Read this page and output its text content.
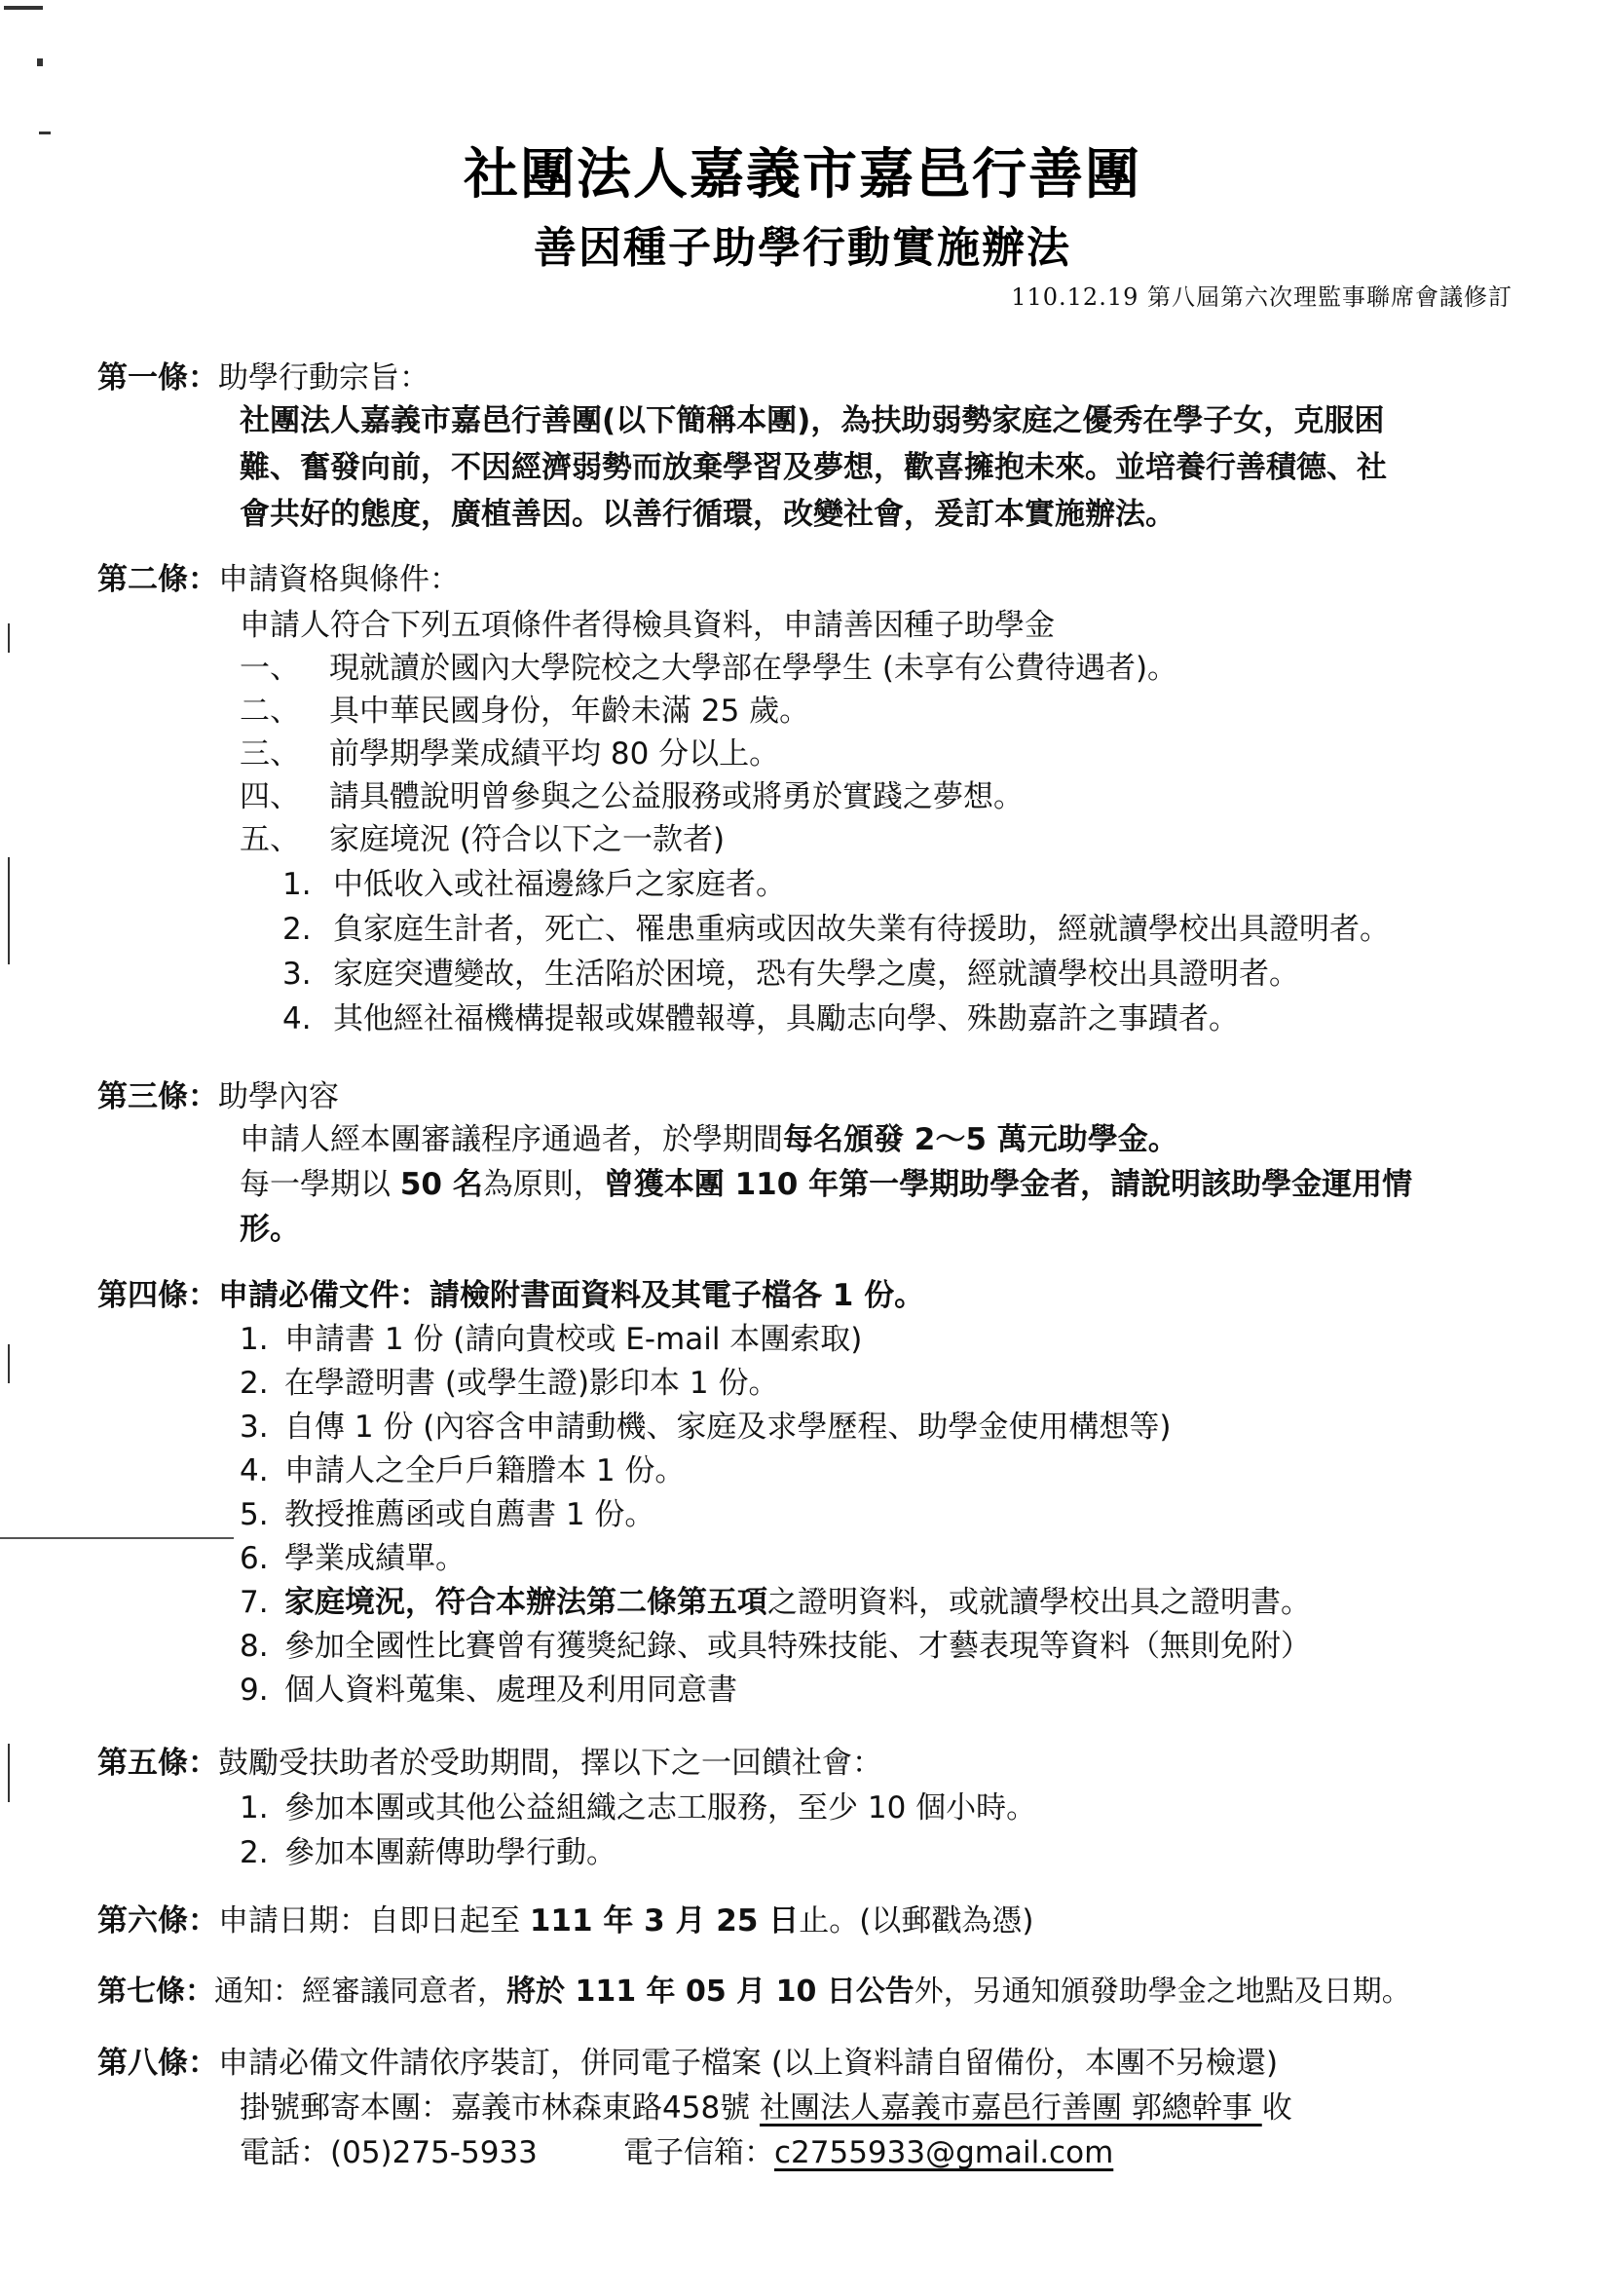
社團法人嘉義市嘉邑行善團
善因種子助學行動實施辦法
110.12.19 第八屆第六次理監事聯席會議修訂
第一條：助學行動宗旨：
社團法人嘉義市嘉邑行善團(以下簡稱本團)，為扶助弱勢家庭之優秀在學子女，克服困
難、奮發向前，不因經濟弱勢而放棄學習及夢想，歡喜擁抱未來。並培養行善積德、社
會共好的態度，廣植善因。以善行循環，改變社會，爰訂本實施辦法。
第二條：申請資格與條件：
申請人符合下列五項條件者得檢具資料，申請善因種子助學金
一、 現就讀於國內大學院校之大學部在學學生 (未享有公費待遇者)。
二、 具中華民國身份，年齡未滿 25 歲。
三、 前學期學業成績平均 80 分以上。
四、 請具體說明曾參與之公益服務或將勇於實踐之夢想。
五、 家庭境況 (符合以下之一款者)
1. 中低收入或社福邊緣戶之家庭者。
2. 負家庭生計者，死亡、罹患重病或因故失業有待援助，經就讀學校出具證明者。
3. 家庭突遭變故，生活陷於困境，恐有失學之虞，經就讀學校出具證明者。
4. 其他經社福機構提報或媒體報導，具勵志向學、殊勘嘉許之事蹟者。
第三條：助學內容
申請人經本團審議程序通過者，於學期間每名頒發 2～5 萬元助學金。
每一學期以 50 名為原則，曾獲本團 110 年第一學期助學金者，請說明該助學金運用情
形。
第四條：申請必備文件：請檢附書面資料及其電子檔各 1 份。
1. 申請書 1 份 (請向貴校或 E-mail 本團索取)
2. 在學證明書 (或學生證)影印本 1 份。
3. 自傳 1 份 (內容含申請動機、家庭及求學歷程、助學金使用構想等)
4. 申請人之全戶戶籍謄本 1 份。
5. 教授推薦函或自薦書 1 份。
6. 學業成績單。
7. 家庭境況，符合本辦法第二條第五項之證明資料，或就讀學校出具之證明書。
8. 參加全國性比賽曾有獲獎紀錄、或具特殊技能、才藝表現等資料（無則免附）
9. 個人資料蒐集、處理及利用同意書
第五條：鼓勵受扶助者於受助期間，擇以下之一回饋社會：
1. 參加本團或其他公益組織之志工服務，至少 10 個小時。
2. 參加本團薪傳助學行動。
第六條：申請日期：自即日起至 111 年 3 月 25 日止。(以郵戳為憑)
第七條：通知：經審議同意者，將於 111 年 05 月 10 日公告外，另通知頒發助學金之地點及日期。
第八條：申請必備文件請依序裝訂，併同電子檔案 (以上資料請自留備份，本團不另檢還)
掛號郵寄本團：嘉義市林森東路458號 社團法人嘉義市嘉邑行善團 郭總幹事 收
電話：(05)275-5933	電子信箱：c2755933@gmail.com
